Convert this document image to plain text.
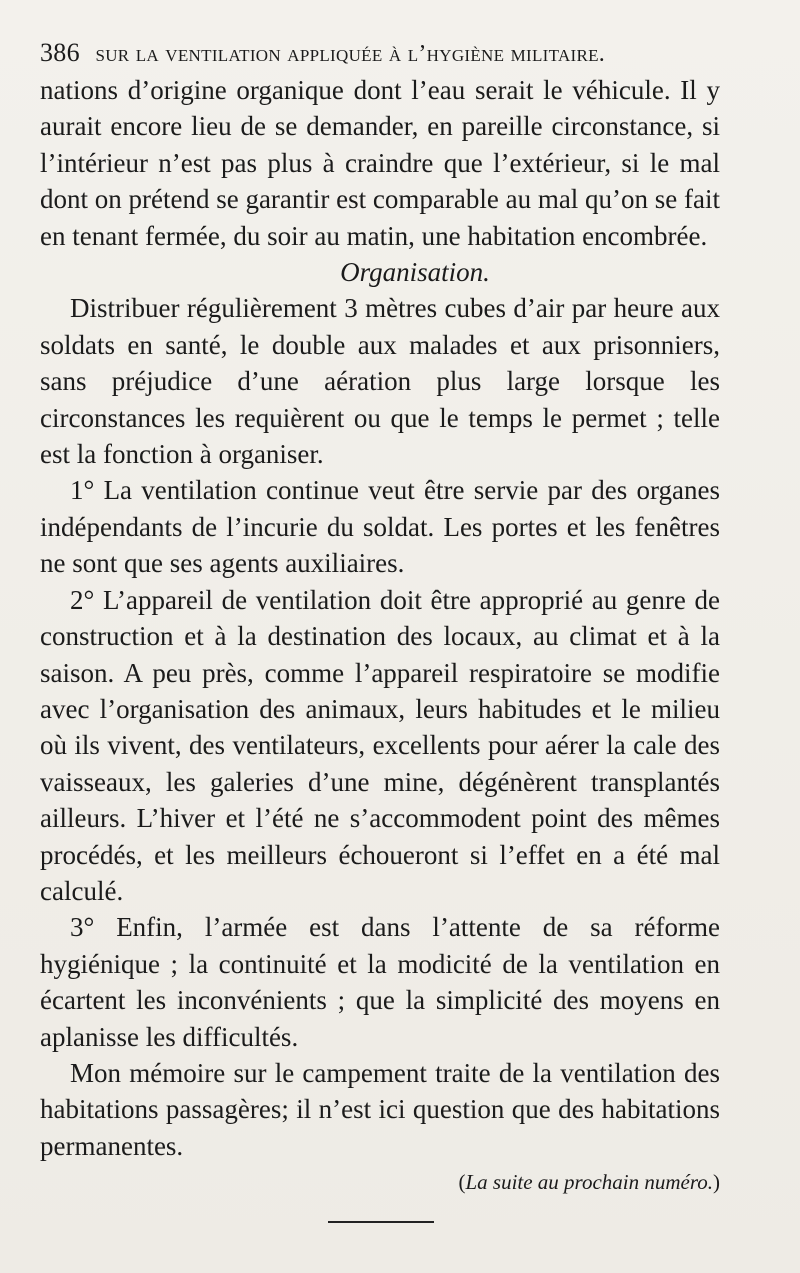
386 sur la ventilation appliquée à l’hygiène militaire.

nations d’origine organique dont l’eau serait le véhicule. Il y aurait encore lieu de se demander, en pareille circonstance, si l’intérieur n’est pas plus à craindre que l’extérieur, si le mal dont on prétend se garantir est comparable au mal qu’on se fait en tenant fermée, du soir au matin, une habitation encombrée.

Organisation.

Distribuer régulièrement 3 mètres cubes d’air par heure aux soldats en santé, le double aux malades et aux prisonniers, sans préjudice d’une aération plus large lorsque les circonstances les requièrent ou que le temps le permet ; telle est la fonction à organiser.

1° La ventilation continue veut être servie par des organes indépendants de l’incurie du soldat. Les portes et les fenêtres ne sont que ses agents auxiliaires.

2° L’appareil de ventilation doit être approprié au genre de construction et à la destination des locaux, au climat et à la saison. A peu près, comme l’appareil respiratoire se modifie avec l’organisation des animaux, leurs habitudes et le milieu où ils vivent, des ventilateurs, excellents pour aérer la cale des vaisseaux, les galeries d’une mine, dégénèrent transplantés ailleurs. L’hiver et l’été ne s’accommodent point des mêmes procédés, et les meilleurs échoueront si l’effet en a été mal calculé.

3° Enfin, l’armée est dans l’attente de sa réforme hygiénique ; la continuité et la modicité de la ventilation en écartent les inconvénients ; que la simplicité des moyens en aplanisse les difficultés.

Mon mémoire sur le campement traite de la ventilation des habitations passagères; il n’est ici question que des habitations permanentes.

(La suite au prochain numéro.)
